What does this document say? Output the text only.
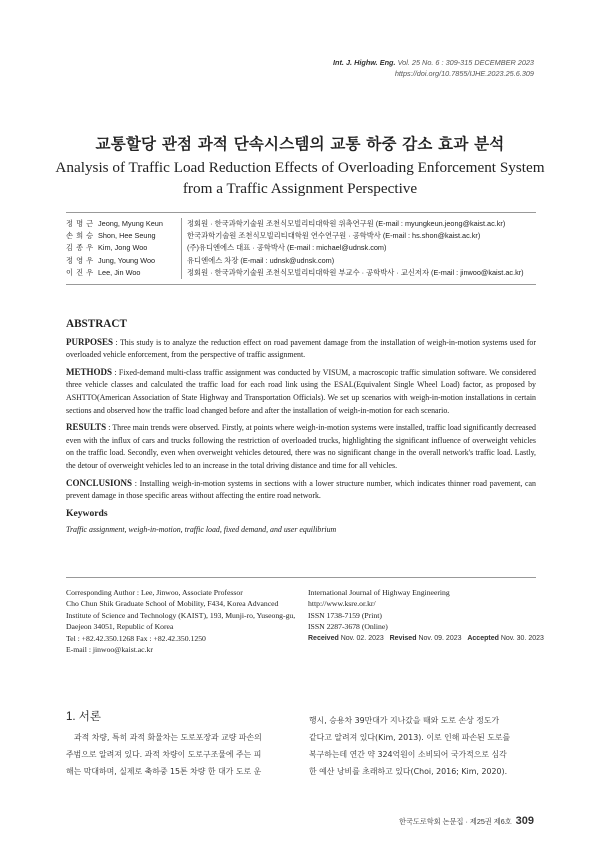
Int. J. Highw. Eng. Vol. 25 No. 6 : 309-315 DECEMBER 2023
https://doi.org/10.7855/IJHE.2023.25.6.309
교통할당 관점 과적 단속시스템의 교통 하중 감소 효과 분석
Analysis of Traffic Load Reduction Effects of Overloading Enforcement System
from a Traffic Assignment Perspective
정 명 근 Jeong, Myung Keun	정회원 · 한국과학기술원 조천식모빌리티대학원 위촉연구원 (E-mail : myungkeun.jeong@kaist.ac.kr)
손 희 승 Shon, Hee Seung	한국과학기술원 조천식모빌리티대학원 연수연구원 · 공학박사 (E-mail : hs.shon@kaist.ac.kr)
김 종 우 Kim, Jong Woo	(주)유디엔에스 대표 · 공학박사 (E-mail : michael@udnsk.com)
정 영 우 Jung, Young Woo	유디엔에스 차장 (E-mail : udnsk@udnsk.com)
이 진 우 Lee, Jin Woo	정회원 · 한국과학기술원 조천식모빌리티대학원 부교수 · 공학박사 · 교신저자 (E-mail : jinwoo@kaist.ac.kr)
ABSTRACT

PURPOSES : This study is to analyze the reduction effect on road pavement damage from the installation of weigh-in-motion systems used for overloaded vehicle enforcement, from the perspective of traffic assignment.

METHODS : Fixed-demand multi-class traffic assignment was conducted by VISUM, a macroscopic traffic simulation software. We considered three vehicle classes and calculated the traffic load for each road link using the ESAL(Equivalent Single Wheel Load) factor, as proposed by ASHTTO(American Association of State Highway and Transportation Officials). We set up scenarios with weigh-in-motion installations in certain sections and observed how the traffic load changed before and after the installation of weigh-in-motion for each scenario.

RESULTS : Three main trends were observed. Firstly, at points where weigh-in-motion systems were installed, traffic load significantly decreased even with the influx of cars and trucks following the restriction of overloaded trucks, highlighting the significant influence of overweight vehicles on the traffic load. Secondly, even when overweight vehicles detoured, there was no significant change in the overall network's traffic load. Lastly, the detour of overweight vehicles led to an increase in the total driving distance and time for all vehicles.

CONCLUSIONS : Installing weigh-in-motion systems in sections with a lower structure number, which indicates thinner road pavement, can prevent damage in those specific areas without affecting the entire road network.

Keywords

Traffic assignment, weigh-in-motion, traffic load, fixed demand, and user equilibrium

Corresponding Author : Lee, Jinwoo, Associate Professor
Cho Chun Shik Graduate School of Mobility, F434, Korea Advanced
Institute of Science and Technology (KAIST), 193, Munji-ro, Yuseong-gu,
Daejeon 34051, Republic of Korea
Tel : +82.42.350.1268 Fax : +82.42.350.1250
E-mail : jinwoo@kaist.ac.kr
International Journal of Highway Engineering
http://www.ksre.or.kr/
ISSN 1738-7159 (Print)
ISSN 2287-3678 (Online)
Received Nov. 02. 2023 Revised Nov. 09. 2023 Accepted Nov. 30. 2023
1. 서론
과적 차량, 특히 과적 화물차는 도로포장과 교량 파손의
주범으로 알려져 있다. 과적 차량이 도로구조물에 주는 피
해는 막대하며, 실제로 축하중 15톤 차량 한 대가 도로 운
행시, 승용차 39만대가 지나갔을 때와 도로 손상 정도가
같다고 알려져 있다(Kim, 2013). 이로 인해 파손된 도로를
복구하는데 연간 약 324억원이 소비되어 국가적으로 심각
한 예산 낭비를 초래하고 있다(Choi, 2016; Kim, 2020).
한국도로학회 논문집 · 제25권 제6호 309
